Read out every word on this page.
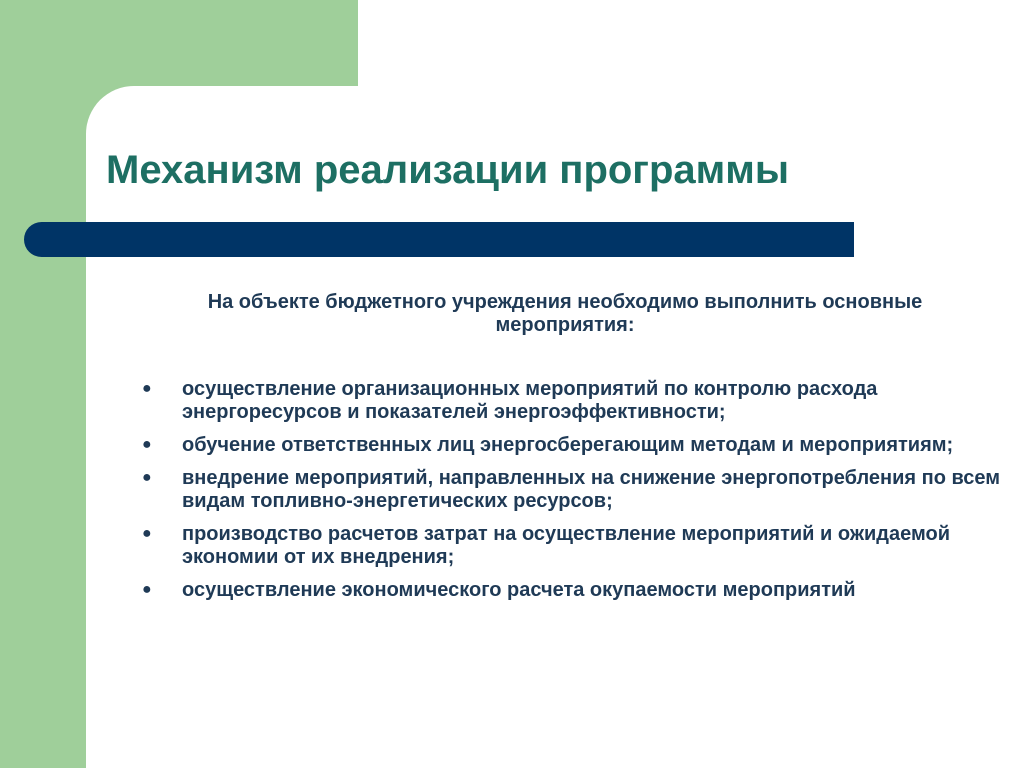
Механизм реализации программы

На объекте бюджетного учреждения необходимо выполнить основные мероприятия:

● осуществление организационных мероприятий по контролю расхода энергоресурсов и показателей энергоэффективности;
● обучение ответственных лиц энергосберегающим методам и мероприятиям;
● внедрение мероприятий, направленных на снижение энергопотребления по всем видам топливно-энергетических ресурсов;
● производство расчетов затрат на осуществление мероприятий и ожидаемой экономии от их внедрения;
● осуществление экономического расчета окупаемости мероприятий
